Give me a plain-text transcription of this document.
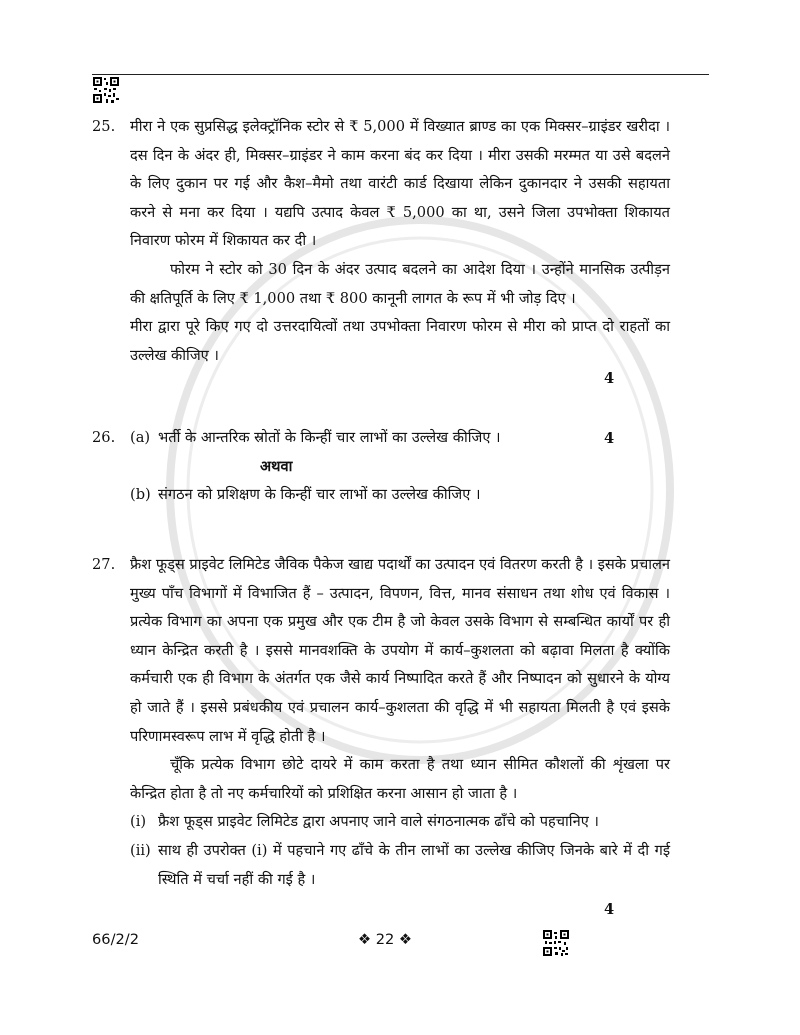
25. मीरा ने एक सुप्रसिद्ध इलेक्ट्रॉनिक स्टोर से ₹ 5,000 में विख्यात ब्राण्ड का एक मिक्सर–ग्राइंडर खरीदा । दस दिन के अंदर ही, मिक्सर–ग्राइंडर ने काम करना बंद कर दिया । मीरा उसकी मरम्मत या उसे बदलने के लिए दुकान पर गई और कैश–मैमो तथा वारंटी कार्ड दिखाया लेकिन दुकानदार ने उसकी सहायता करने से मना कर दिया । यद्यपि उत्पाद केवल ₹ 5,000 का था, उसने जिला उपभोक्ता शिकायत निवारण फोरम में शिकायत कर दी ।

फोरम ने स्टोर को 30 दिन के अंदर उत्पाद बदलने का आदेश दिया । उन्होंने मानसिक उत्पीड़न की क्षतिपूर्ति के लिए ₹ 1,000 तथा ₹ 800 कानूनी लागत के रूप में भी जोड़ दिए ।

मीरा द्वारा पूरे किए गए दो उत्तरदायित्वों तथा उपभोक्ता निवारण फोरम से मीरा को प्राप्त दो राहतों का उल्लेख कीजिए ।

4
26. (a) भर्ती के आन्तरिक स्रोतों के किन्हीं चार लाभों का उल्लेख कीजिए ।
अथवा
(b) संगठन को प्रशिक्षण के किन्हीं चार लाभों का उल्लेख कीजिए ।
4
27. फ्रैश फूड्स प्राइवेट लिमिटेड जैविक पैकेज खाद्य पदार्थों का उत्पादन एवं वितरण करती है । इसके प्रचालन मुख्य पाँच विभागों में विभाजित हैं – उत्पादन, विपणन, वित्त, मानव संसाधन तथा शोध एवं विकास । प्रत्येक विभाग का अपना एक प्रमुख और एक टीम है जो केवल उसके विभाग से सम्बन्धित कार्यों पर ही ध्यान केन्द्रित करती है । इससे मानवशक्ति के उपयोग में कार्य–कुशलता को बढ़ावा मिलता है क्योंकि कर्मचारी एक ही विभाग के अंतर्गत एक जैसे कार्य निष्पादित करते हैं और निष्पादन को सुधारने के योग्य हो जाते हैं । इससे प्रबंधकीय एवं प्रचालन कार्य–कुशलता की वृद्धि में भी सहायता मिलती है एवं इसके परिणामस्वरूप लाभ में वृद्धि होती है ।

चूँकि प्रत्येक विभाग छोटे दायरे में काम करता है तथा ध्यान सीमित कौशलों की शृंखला पर केन्द्रित होता है तो नए कर्मचारियों को प्रशिक्षित करना आसान हो जाता है ।

(i) फ्रैश फूड्स प्राइवेट लिमिटेड द्वारा अपनाए जाने वाले संगठनात्मक ढाँचे को पहचानिए ।
(ii) साथ ही उपरोक्त (i) में पहचाने गए ढाँचे के तीन लाभों का उल्लेख कीजिए जिनके बारे में दी गई स्थिति में चर्चा नहीं की गई है ।
4
66/2/2	❖ 22 ❖
